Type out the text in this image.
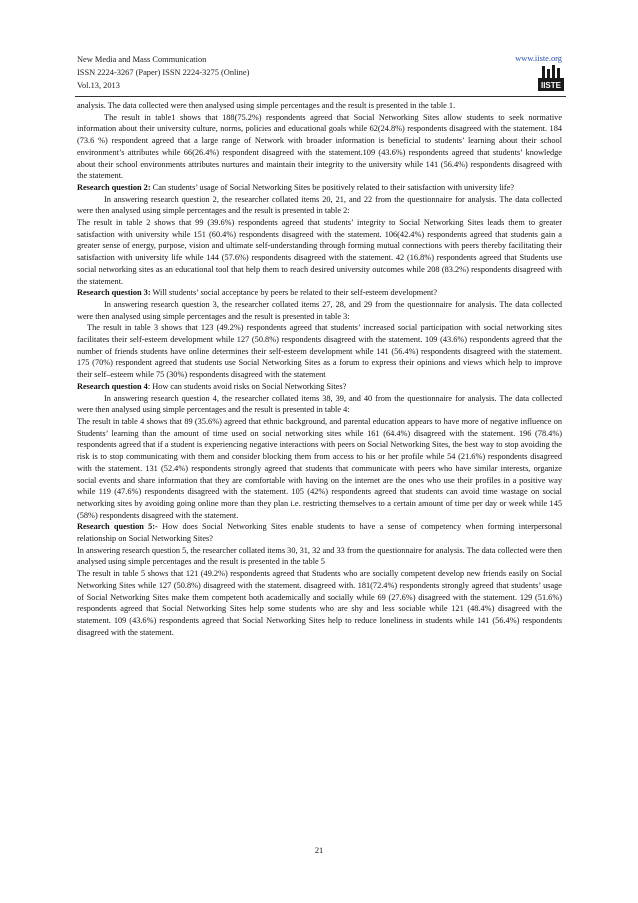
New Media and Mass Communication
ISSN 2224-3267 (Paper) ISSN 2224-3275 (Online)
Vol.13, 2013
www.iiste.org
IISTE

analysis. The data collected were then analysed using simple percentages and the result is presented in the table 1.

The result in table1 shows that 188(75.2%) respondents agreed that Social Networking Sites allow students to seek normative information about their university culture, norms, policies and educational goals while 62(24.8%) respondents disagreed with the statement. 184 (73.6 %) respondent agreed that a large range of Network with broader information is beneficial to students’ learning about their school environment’s attributes while 66(26.4%) respondent disagreed with the statement.109 (43.6%) respondents agreed that students’ knowledge about their school environments attributes nurtures and maintain their integrity to the university while 141 (56.4%) respondents disagreed with the statement.

Research question 2: Can students’ usage of Social Networking Sites be positively related to their satisfaction with university life?

In answering research question 2, the researcher collated items 20, 21, and 22 from the questionnaire for analysis. The data collected were then analysed using simple percentages and the result is presented in table 2:

The result in table 2 shows that 99 (39.6%) respondents agreed that students’ integrity to Social Networking Sites leads them to greater satisfaction with university while 151 (60.4%) respondents disagreed with the statement. 106(42.4%) respondents agreed that students gain a greater sense of energy, purpose, vision and ultimate self-understanding through forming mutual connections with peers thereby facilitating their satisfaction with university life while 144 (57.6%) respondents disagreed with the statement. 42 (16.8%) respondents agreed that Students use social networking sites as an educational tool that help them to reach desired university outcomes while 208 (83.2%) respondents disagreed with the statement.

Research question 3: Will students’ social acceptance by peers be related to their self-esteem development?

In answering research question 3, the researcher collated items 27, 28, and 29 from the questionnaire for analysis. The data collected were then analysed using simple percentages and the result is presented in table 3:

The result in table 3 shows that 123 (49.2%) respondents agreed that students’ increased social participation with social networking sites facilitates their self-esteem development while 127 (50.8%) respondents disagreed with the statement. 109 (43.6%) respondents agreed that the number of friends students have online determines their self-esteem development while 141 (56.4%) respondents disagreed with the statement. 175 (70%) respondent agreed that students use Social Networking Sites as a forum to express their opinions and views which help to improve their self–esteem while 75 (30%) respondents disagreed with the statement

Research question 4: How can students avoid risks on Social Networking Sites?

In answering research question 4, the researcher collated items 38, 39, and 40 from the questionnaire for analysis. The data collected were then analysed using simple percentages and the result is presented in table 4:

The result in table 4 shows that 89 (35.6%) agreed that ethnic background, and parental education appears to have more of negative influence on Students’ learning than the amount of time used on social networking sites while 161 (64.4%) disagreed with the statement. 196 (78.4%) respondents agreed that if a student is experiencing negative interactions with peers on Social Networking Sites, the best way to stop avoiding the risk is to stop communicating with them and consider blocking them from access to his or her profile while 54 (21.6%) respondents disagreed with the statement. 131 (52.4%) respondents strongly agreed that students that communicate with peers who have similar interests, organize social events and share information that they are comfortable with having on the internet are the ones who use their profiles in a positive way while 119 (47.6%) respondents disagreed with the statement. 105 (42%) respondents agreed that students can avoid time wastage on social networking sites by avoiding going online more than they plan i.e. restricting themselves to a certain amount of time per day or week while 145 (58%) respondents disagreed with the statement.

Research question 5:- How does Social Networking Sites enable students to have a sense of competency when forming interpersonal relationship on Social Networking Sites?

In answering research question 5, the researcher collated items 30, 31, 32 and 33 from the questionnaire for analysis. The data collected were then analysed using simple percentages and the result is presented in the table 5

The result in table 5 shows that 121 (49.2%) respondents agreed that Students who are socially competent develop new friends easily on Social Networking Sites while 127 (50.8%) disagreed with the statement. disagreed with. 181(72.4%) respondents strongly agreed that students’ usage of Social Networking Sites make them competent both academically and socially while 69 (27.6%) disagreed with the statement. 129 (51.6%) respondents agreed that Social Networking Sites help some students who are shy and less sociable while 121 (48.4%) disagreed with the statement. 109 (43.6%) respondents agreed that Social Networking Sites help to reduce loneliness in students while 141 (56.4%) respondents disagreed with the statement.

21
